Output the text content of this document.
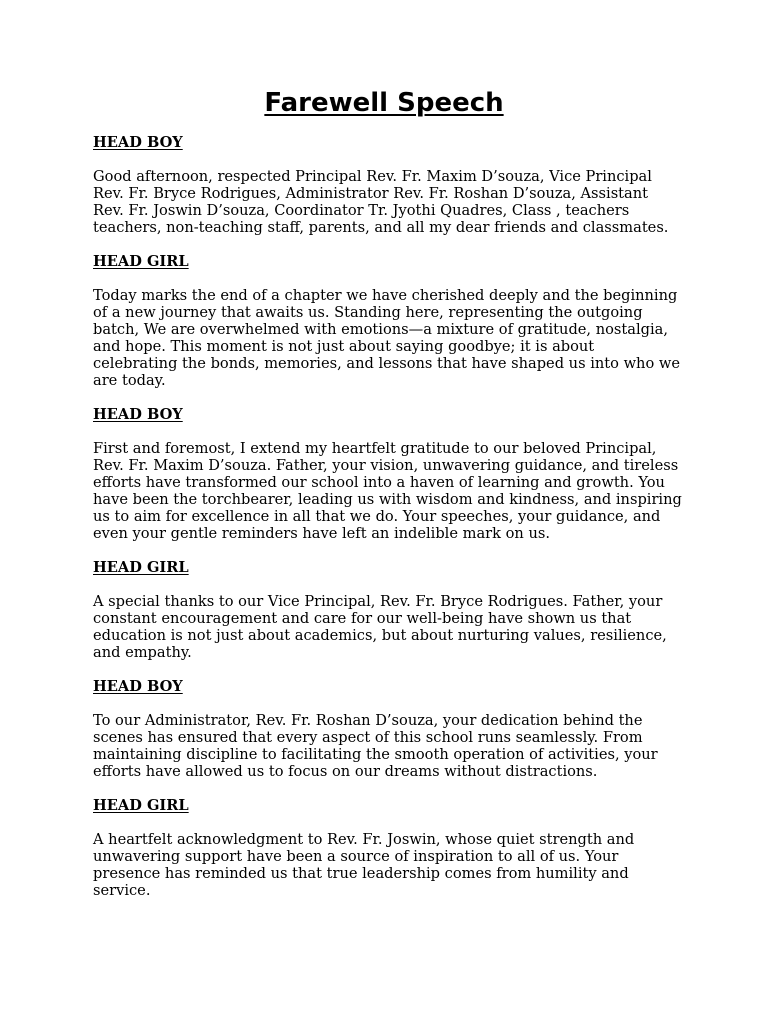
Farewell Speech
HEAD BOY
Good afternoon, respected Principal Rev. Fr. Maxim D’souza, Vice Principal Rev. Fr. Bryce Rodrigues, Administrator Rev. Fr. Roshan D’souza, Assistant Rev. Fr. Joswin D’souza, Coordinator Tr. Jyothi Quadres, Class , teachers teachers, non-teaching staff, parents, and all my dear friends and classmates.
HEAD GIRL
Today marks the end of a chapter we have cherished deeply and the beginning of a new journey that awaits us. Standing here, representing the outgoing batch, We are overwhelmed with emotions—a mixture of gratitude, nostalgia, and hope. This moment is not just about saying goodbye; it is about celebrating the bonds, memories, and lessons that have shaped us into who we are today.
HEAD BOY
First and foremost, I extend my heartfelt gratitude to our beloved Principal, Rev. Fr. Maxim D’souza. Father, your vision, unwavering guidance, and tireless efforts have transformed our school into a haven of learning and growth. You have been the torchbearer, leading us with wisdom and kindness, and inspiring us to aim for excellence in all that we do. Your speeches, your guidance, and even your gentle reminders have left an indelible mark on us.
HEAD GIRL
A special thanks to our Vice Principal, Rev. Fr. Bryce Rodrigues. Father, your constant encouragement and care for our well-being have shown us that education is not just about academics, but about nurturing values, resilience, and empathy.
HEAD BOY
To our Administrator, Rev. Fr. Roshan D’souza, your dedication behind the scenes has ensured that every aspect of this school runs seamlessly. From maintaining discipline to facilitating the smooth operation of activities, your efforts have allowed us to focus on our dreams without distractions.
HEAD GIRL
A heartfelt acknowledgment to Rev. Fr. Joswin, whose quiet strength and unwavering support have been a source of inspiration to all of us. Your presence has reminded us that true leadership comes from humility and service.
